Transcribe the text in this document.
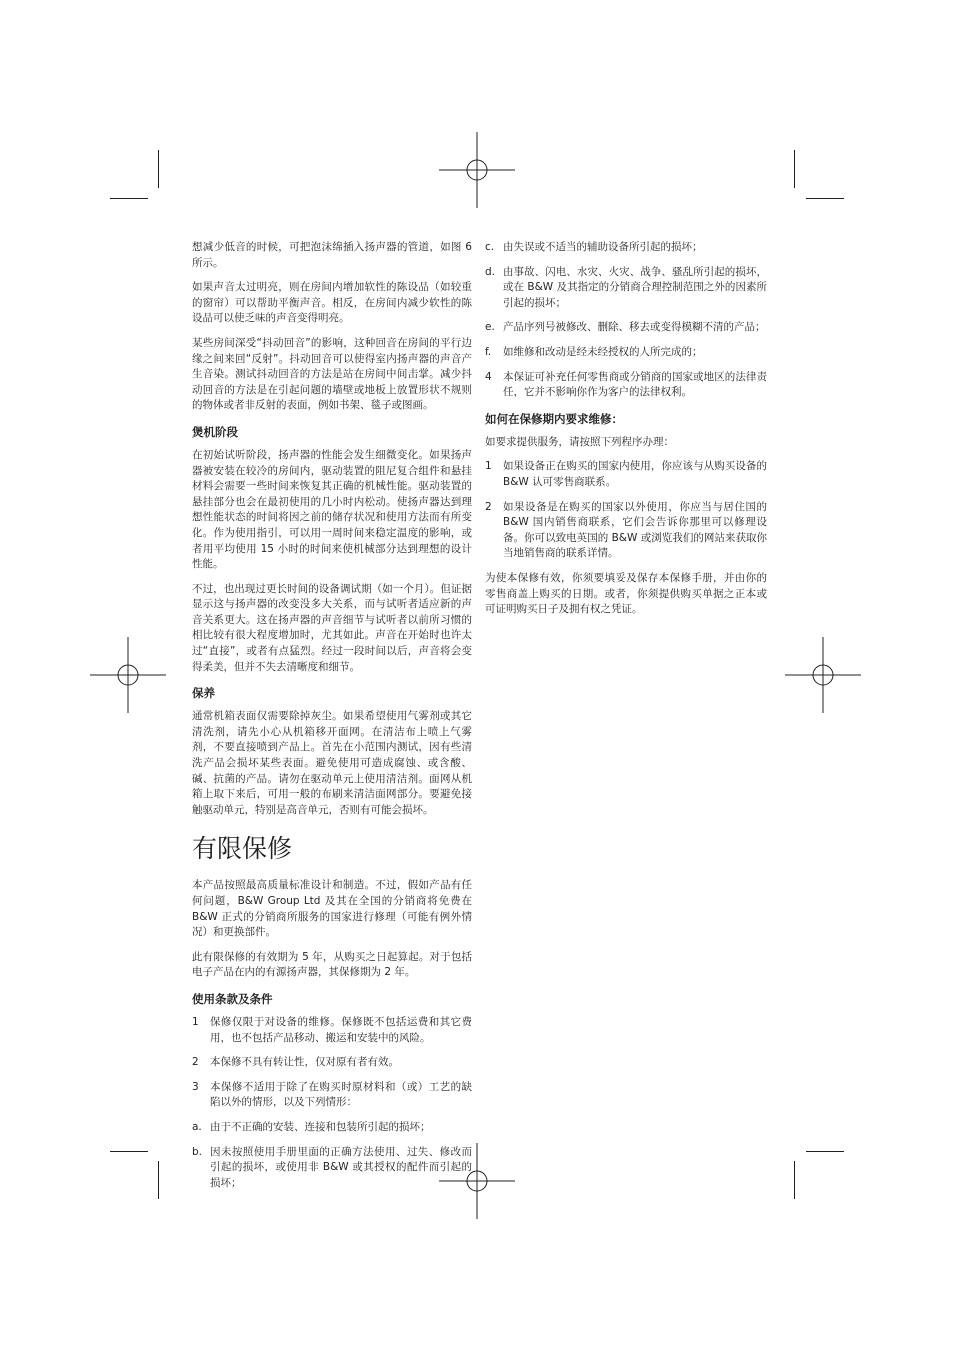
想减少低音的时候，可把泡沫绵插入扬声器的管道，如图 6 所示。

如果声音太过明亮，则在房间内增加软性的陈设品（如较重的窗帘）可以帮助平衡声音。相反，在房间内减少软性的陈设品可以使乏味的声音变得明亮。

某些房间深受“抖动回音”的影响，这种回音在房间的平行边缘之间来回“反射”。抖动回音可以使得室内扬声器的声音产生音染。测试抖动回音的方法是站在房间中间击掌。减少抖动回音的方法是在引起问题的墙壁或地板上放置形状不规则的物体或者非反射的表面，例如书架、毯子或图画。

煲机阶段

在初始试听阶段，扬声器的性能会发生细微变化。如果扬声器被安装在较冷的房间内，驱动装置的阻尼复合组件和悬挂材料会需要一些时间来恢复其正确的机械性能。驱动装置的悬挂部分也会在最初使用的几小时内松动。使扬声器达到理想性能状态的时间将因之前的储存状况和使用方法而有所变化。作为使用指引，可以用一周时间来稳定温度的影响，或者用平均使用 15 小时的时间来使机械部分达到理想的设计性能。

不过，也出现过更长时间的设备调试期（如一个月）。但证据显示这与扬声器的改变没多大关系，而与试听者适应新的声音关系更大。这在扬声器的声音细节与试听者以前所习惯的相比较有很大程度增加时，尤其如此。声音在开始时也许太过“直接”，或者有点猛烈。经过一段时间以后，声音将会变得柔美，但并不失去清晰度和细节。

保养

通常机箱表面仅需要除掉灰尘。如果希望使用气雾剂或其它清洗剂，请先小心从机箱移开面网。在清洁布上喷上气雾剂，不要直接喷到产品上。首先在小范围内测试，因有些清洗产品会损坏某些表面。避免使用可造成腐蚀、或含酸、碱、抗菌的产品。请勿在驱动单元上使用清洁剂。面网从机箱上取下来后，可用一般的布刷来清洁面网部分。要避免接触驱动单元，特别是高音单元，否则有可能会损坏。

有限保修

本产品按照最高质量标准设计和制造。不过，假如产品有任何问题，B&W Group Ltd 及其在全国的分销商将免费在 B&W 正式的分销商所服务的国家进行修理（可能有例外情况）和更换部件。

此有限保修的有效期为 5 年，从购买之日起算起。对于包括电子产品在内的有源扬声器，其保修期为 2 年。

使用条款及条件
1	保修仅限于对设备的维修。保修既不包括运费和其它费用，也不包括产品移动、搬运和安装中的风险。
2	本保修不具有转让性，仅对原有者有效。
3	本保修不适用于除了在购买时原材料和（或）工艺的缺陷以外的情形，以及下列情形：
a. 由于不正确的安装、连接和包装所引起的损坏；
b. 因未按照使用手册里面的正确方法使用、过失、修改而引起的损坏，或使用非 B&W 或其授权的配件而引起的损坏；
c. 由失误或不适当的辅助设备所引起的损坏；
d. 由事故、闪电、水灾、火灾、战争、骚乱所引起的损坏，或在 B&W 及其指定的分销商合理控制范围之外的因素所引起的损坏；
e. 产品序列号被修改、删除、移去或变得模糊不清的产品；
f.	如维修和改动是经未经授权的人所完成的；
4	本保证可补充任何零售商或分销商的国家或地区的法律责任，它并不影响你作为客户的法律权利。
如何在保修期内要求维修：

如要求提供服务，请按照下列程序办理：

1	如果设备正在购买的国家内使用，你应该与从购买设备的 B&W 认可零售商联系。
2	如果设备是在购买的国家以外使用，你应当与居住国的 B&W 国内销售商联系，它们会告诉你那里可以修理设备。你可以致电英国的 B&W 或浏览我们的网站来获取你当地销售商的联系详情。

为使本保修有效，你须要填妥及保存本保修手册，并由你的零售商盖上购买的日期。或者，你须提供购买单据之正本或可证明购买日子及拥有权之凭证。
